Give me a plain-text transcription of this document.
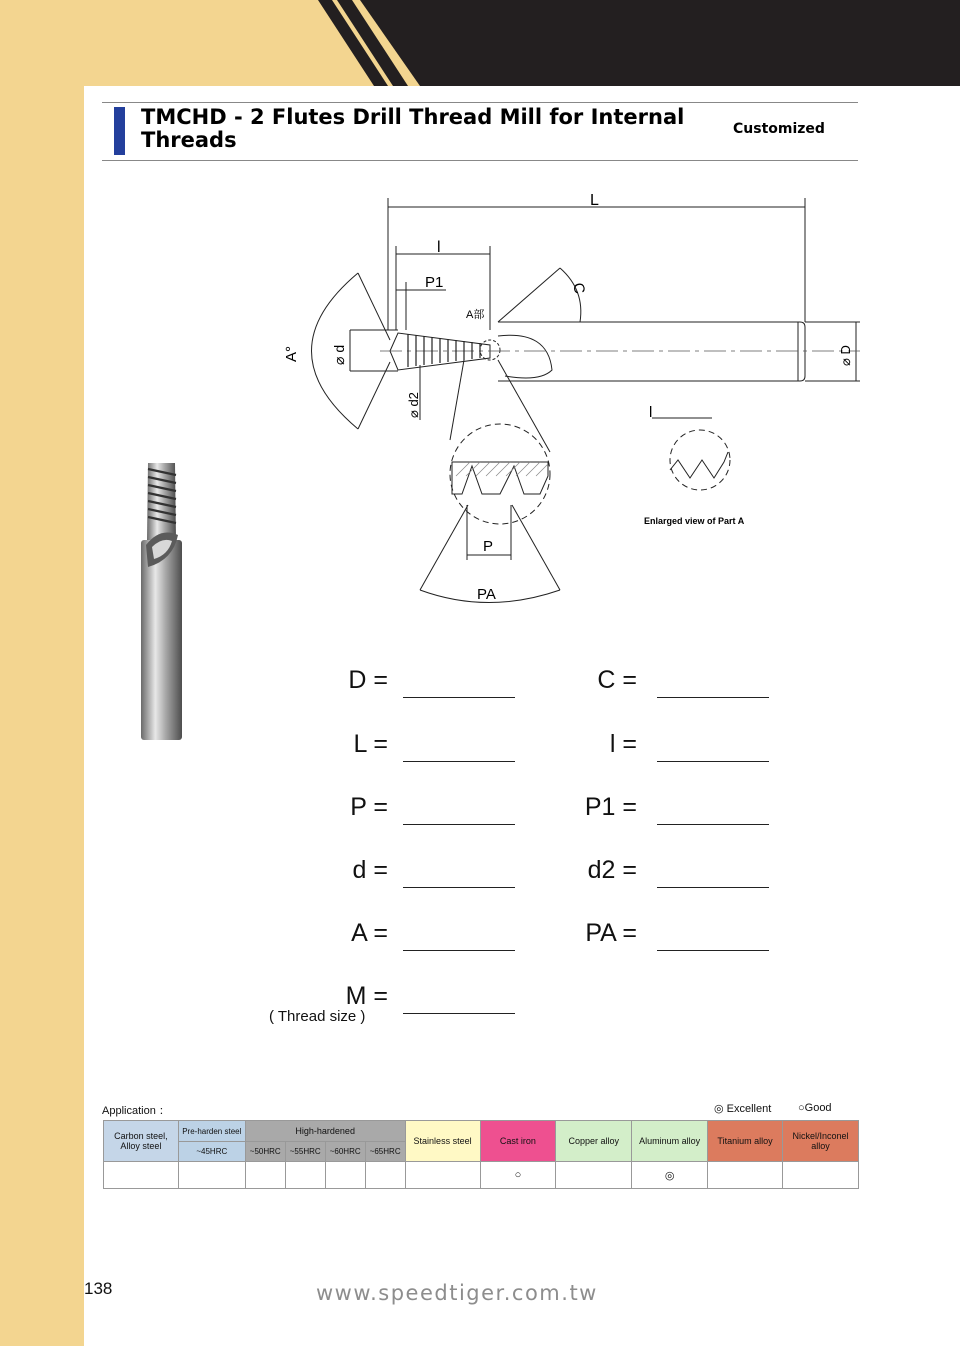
TMCHD - 2 Flutes Drill Thread Mill for Internal Threads	Customized
L
l
P1
A部
C
A° ⌀ d
⌀ d2
⌀ D
P
PA
l
Enlarged view of Part A
D =	C =
L =	l =
P =	P1 =
d =	d2 =
A =	PA =
M =
( Thread size )
Application ：	◎ Excellent ○Good
Carbon steel, Alloy steel	Pre-harden steel	High-hardened				Stainless steel	Cast iron	Copper alloy	Aluminum alloy	Titanium alloy	Nickel/Inconel alloy
	~45HRC	~50HRC	~55HRC	~60HRC	~65HRC						
							○		◎		
138	www.speedtiger.com.tw
